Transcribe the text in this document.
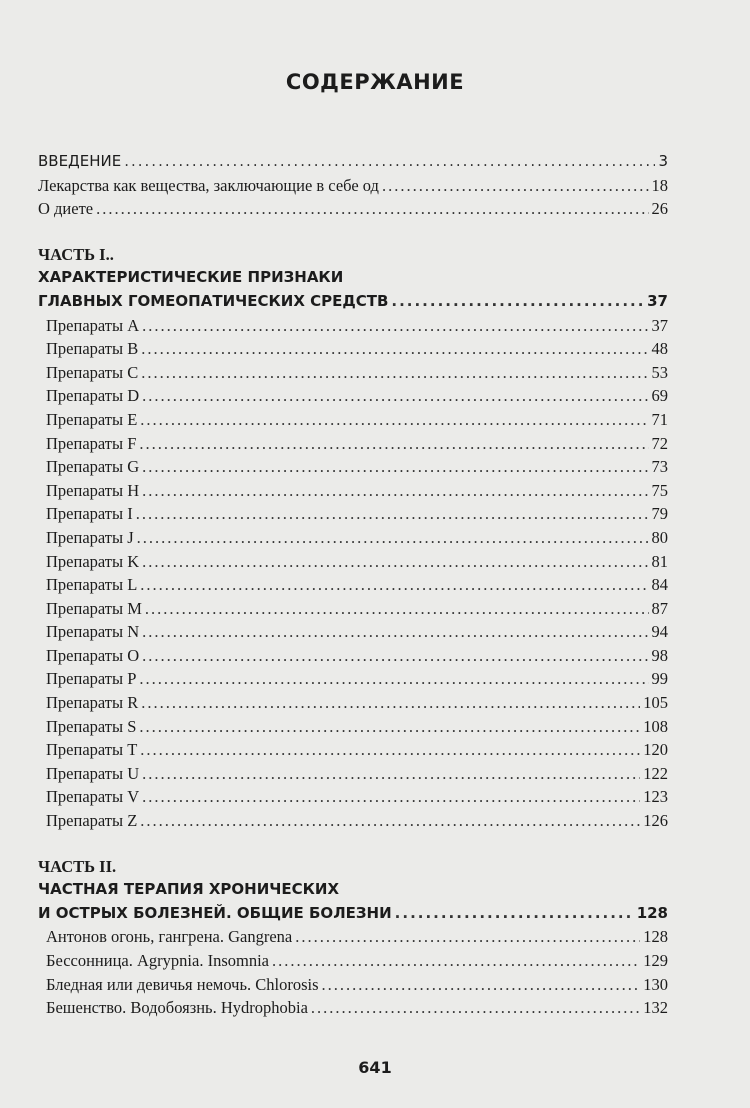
СОДЕРЖАНИЕ
ВВЕДЕНИЕ .....	3
Лекарства как вещества, заключающие в себе од .....	18
О диете .....	26
ЧАСТЬ I..
ХАРАКТЕРИСТИЧЕСКИЕ ПРИЗНАКИ
ГЛАВНЫХ ГОМЕОПАТИЧЕСКИХ СРЕДСТВ .....	37
Препараты A .....	37
Препараты B .....	48
Препараты C .....	53
Препараты D .....	69
Препараты E .....	71
Препараты F .....	72
Препараты G .....	73
Препараты H .....	75
Препараты I .....	79
Препараты J .....	80
Препараты K .....	81
Препараты L .....	84
Препараты M .....	87
Препараты N .....	94
Препараты O .....	98
Препараты P .....	99
Препараты R .....	105
Препараты S .....	108
Препараты T .....	120
Препараты U .....	122
Препараты V .....	123
Препараты Z .....	126
ЧАСТЬ II.
ЧАСТНАЯ ТЕРАПИЯ ХРОНИЧЕСКИХ
И ОСТРЫХ БОЛЕЗНЕЙ. ОБЩИЕ БОЛЕЗНИ .....	128
Антонов огонь, гангрена. Gangrena .....	128
Бессонница. Agrypnia. Insomnia .....	129
Бледная или девичья немочь. Chlorosis .....	130
Бешенство. Водобоязнь. Hydrophobia .....	132
641
